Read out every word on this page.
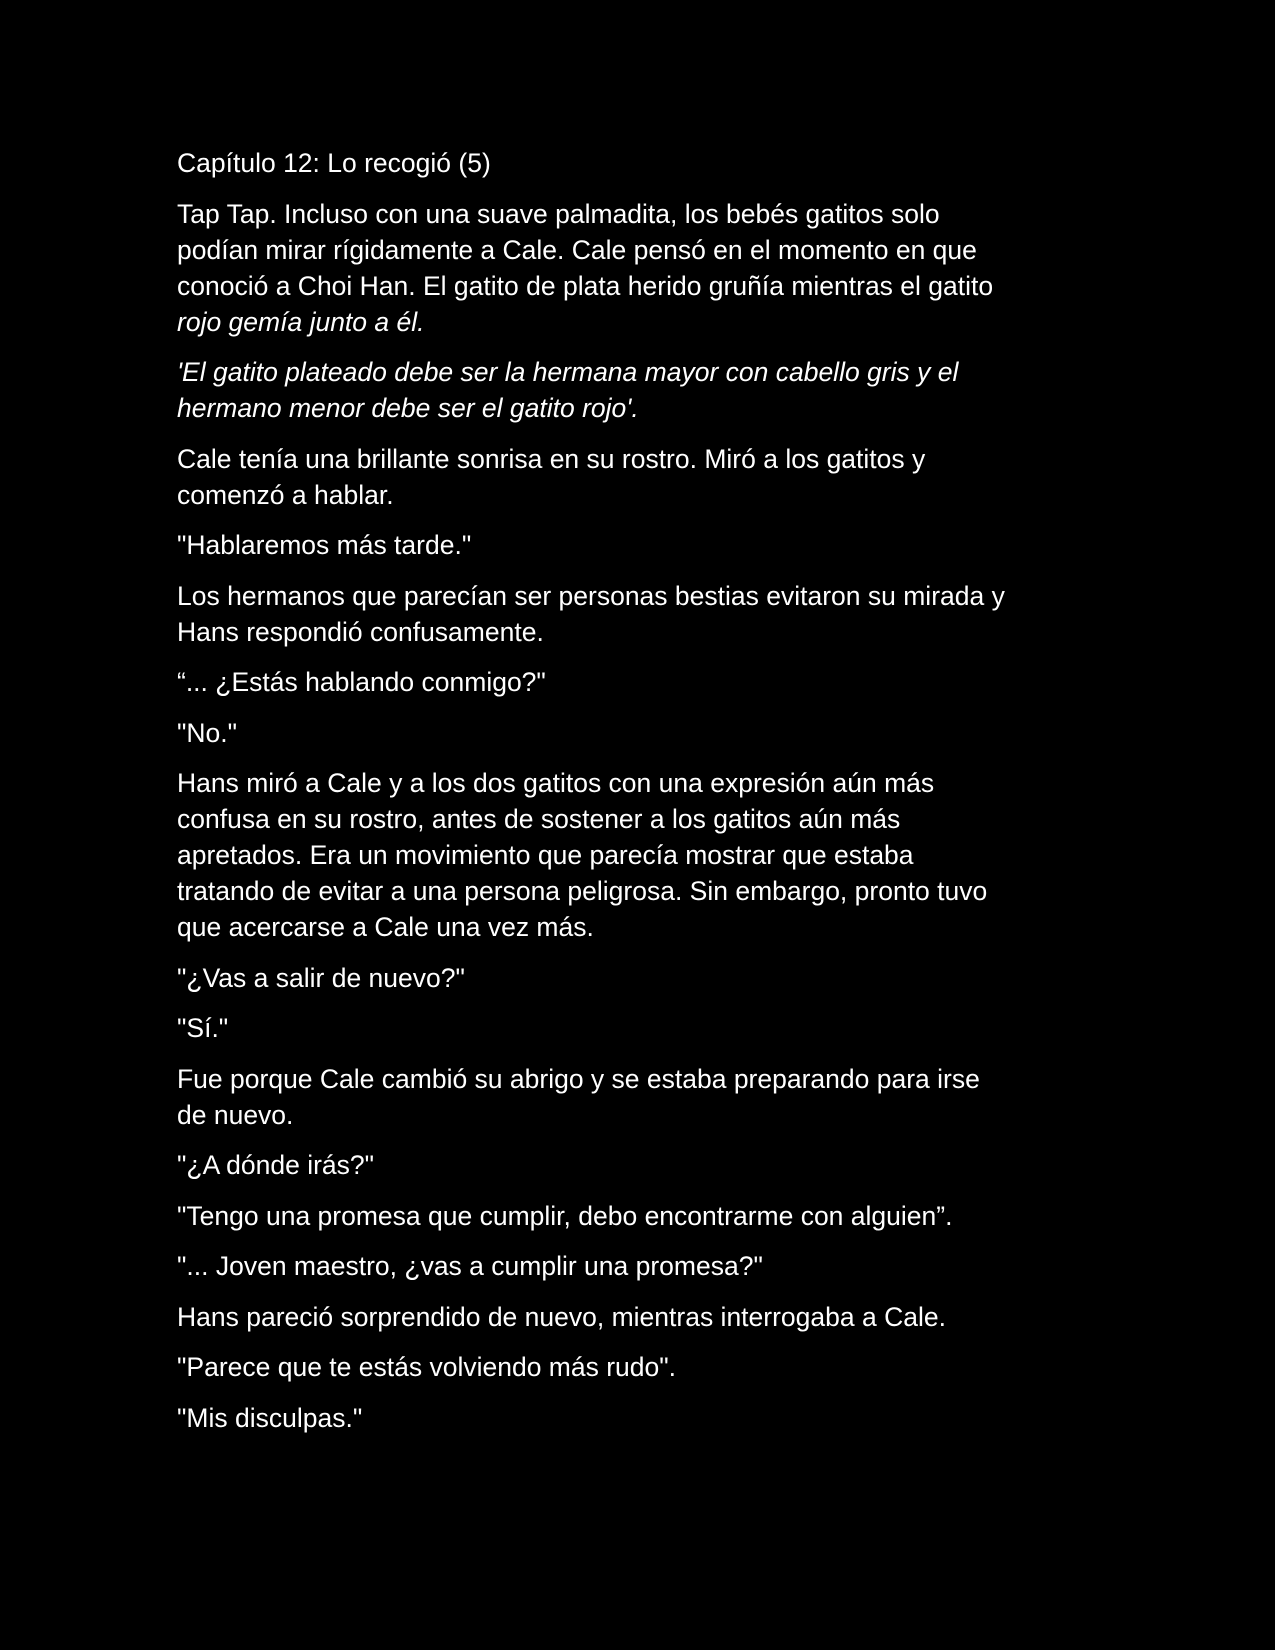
Capítulo 12: Lo recogió (5)

Tap Tap. Incluso con una suave palmadita, los bebés gatitos solo
podían mirar rígidamente a Cale. Cale pensó en el momento en que
conoció a Choi Han. El gatito de plata herido gruñía mientras el gatito
rojo gemía junto a él.

'El gatito plateado debe ser la hermana mayor con cabello gris y el
hermano menor debe ser el gatito rojo'.

Cale tenía una brillante sonrisa en su rostro. Miró a los gatitos y
comenzó a hablar.

"Hablaremos más tarde."

Los hermanos que parecían ser personas bestias evitaron su mirada y
Hans respondió confusamente.

“... ¿Estás hablando conmigo?"

"No."

Hans miró a Cale y a los dos gatitos con una expresión aún más
confusa en su rostro, antes de sostener a los gatitos aún más
apretados. Era un movimiento que parecía mostrar que estaba
tratando de evitar a una persona peligrosa. Sin embargo, pronto tuvo
que acercarse a Cale una vez más.

"¿Vas a salir de nuevo?"

"Sí."

Fue porque Cale cambió su abrigo y se estaba preparando para irse
de nuevo.

"¿A dónde irás?"

"Tengo una promesa que cumplir, debo encontrarme con alguien”.

"... Joven maestro, ¿vas a cumplir una promesa?"

Hans pareció sorprendido de nuevo, mientras interrogaba a Cale.

"Parece que te estás volviendo más rudo".

"Mis disculpas."
